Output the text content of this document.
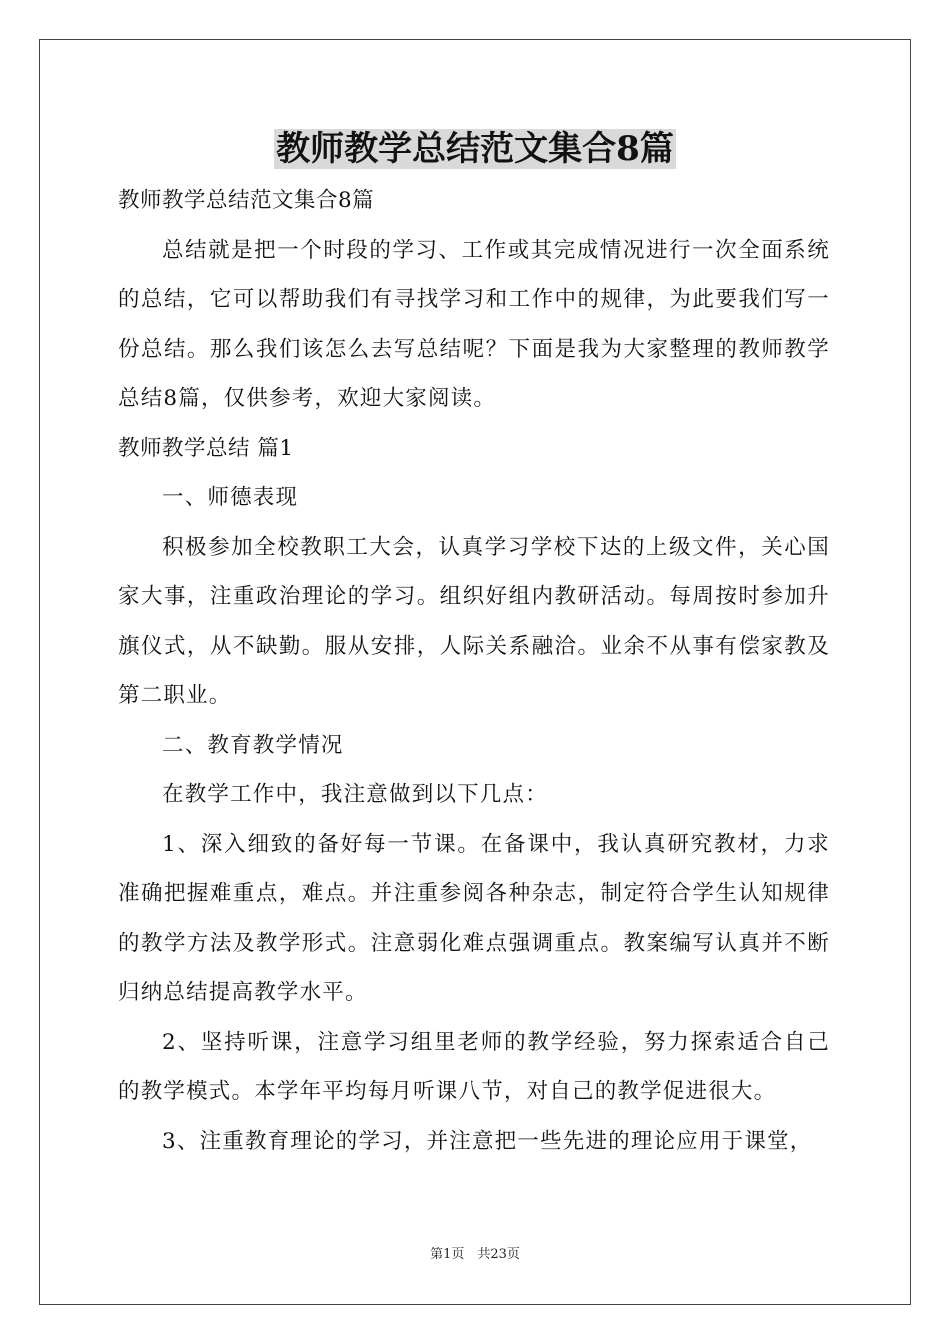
教师教学总结范文集合8篇
教师教学总结范文集合8篇
总结就是把一个时段的学习、工作或其完成情况进行一次全面系统的总结，它可以帮助我们有寻找学习和工作中的规律，为此要我们写一份总结。那么我们该怎么去写总结呢？下面是我为大家整理的教师教学总结8篇，仅供参考，欢迎大家阅读。
教师教学总结 篇1
一、师德表现
积极参加全校教职工大会，认真学习学校下达的上级文件，关心国家大事，注重政治理论的学习。组织好组内教研活动。每周按时参加升旗仪式，从不缺勤。服从安排，人际关系融洽。业余不从事有偿家教及第二职业。
二、教育教学情况
在教学工作中，我注意做到以下几点：
1、深入细致的备好每一节课。在备课中，我认真研究教材，力求准确把握难重点，难点。并注重参阅各种杂志，制定符合学生认知规律的教学方法及教学形式。注意弱化难点强调重点。教案编写认真并不断归纳总结提高教学水平。
2、坚持听课，注意学习组里老师的教学经验，努力探索适合自己的教学模式。本学年平均每月听课八节，对自己的教学促进很大。
3、注重教育理论的学习，并注意把一些先进的理论应用于课堂，
第1页　共23页
